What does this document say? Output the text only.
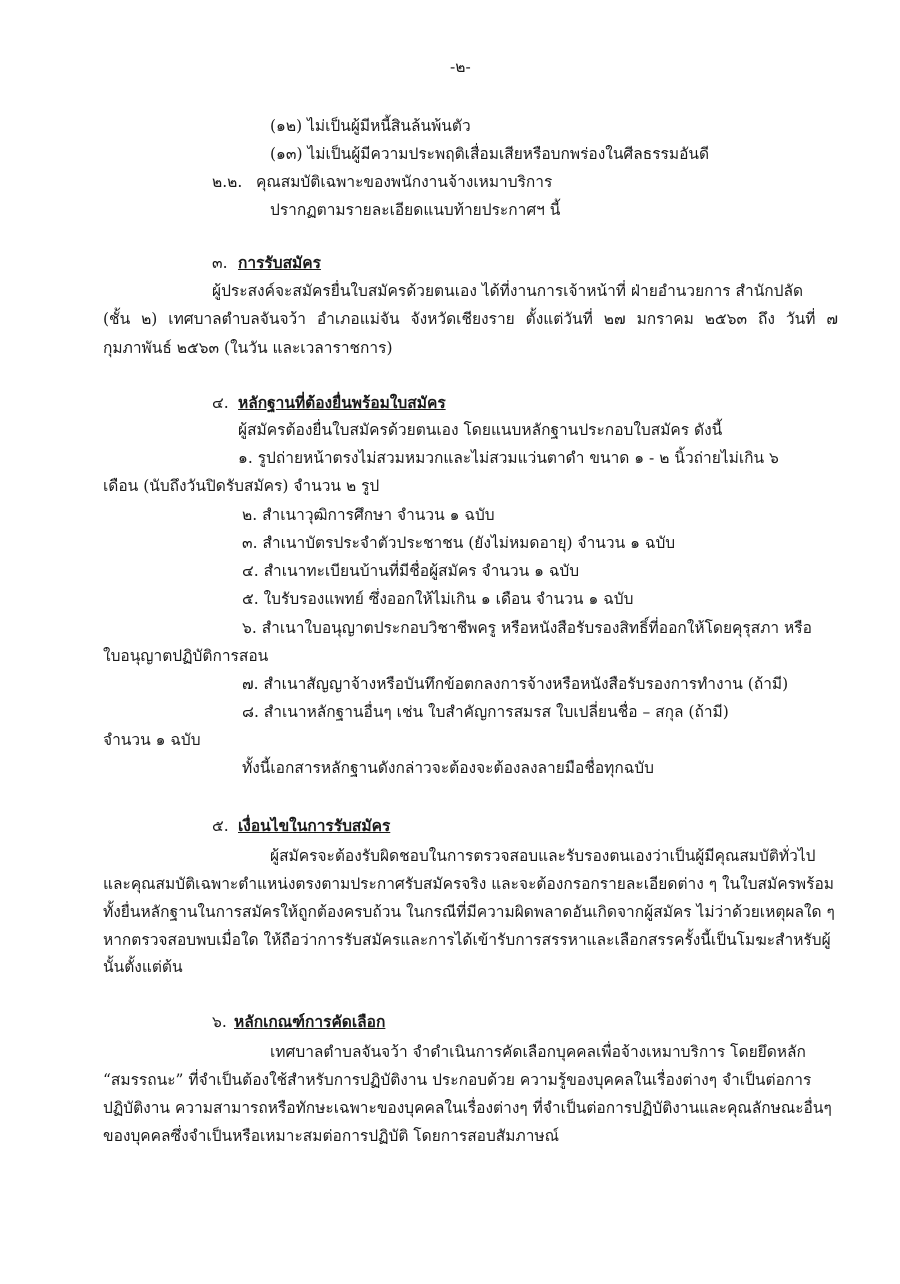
-๒-
(๑๒) ไม่เป็นผู้มีหนี้สินล้นพ้นตัว
(๑๓) ไม่เป็นผู้มีความประพฤติเสื่อมเสียหรือบกพร่องในศีลธรรมอันดี
๒.๒. คุณสมบัติเฉพาะของพนักงานจ้างเหมาบริการ
ปรากฏตามรายละเอียดแนบท้ายประกาศฯ นี้
๓. การรับสมัคร
ผู้ประสงค์จะสมัครยื่นใบสมัครด้วยตนเอง ได้ที่งานการเจ้าหน้าที่ ฝ่ายอำนวยการ สำนักปลัด
(ชั้น ๒) เทศบาลตำบลจันจว้า อำเภอแม่จัน จังหวัดเชียงราย ตั้งแต่วันที่ ๒๗ มกราคม ๒๕๖๓ ถึง วันที่ ๗
กุมภาพันธ์ ๒๕๖๓ (ในวัน และเวลาราชการ)
๔. หลักฐานที่ต้องยื่นพร้อมใบสมัคร
ผู้สมัครต้องยื่นใบสมัครด้วยตนเอง โดยแนบหลักฐานประกอบใบสมัคร ดังนี้
๑. รูปถ่ายหน้าตรงไม่สวมหมวกและไม่สวมแว่นตาดำ ขนาด ๑ - ๒ นิ้วถ่ายไม่เกิน ๖
เดือน (นับถึงวันปิดรับสมัคร) จำนวน ๒ รูป
๒. สำเนาวุฒิการศึกษา จำนวน ๑ ฉบับ
๓. สำเนาบัตรประจำตัวประชาชน (ยังไม่หมดอายุ) จำนวน ๑ ฉบับ
๔. สำเนาทะเบียนบ้านที่มีชื่อผู้สมัคร จำนวน ๑ ฉบับ
๕. ใบรับรองแพทย์ ซึ่งออกให้ไม่เกิน ๑ เดือน จำนวน ๑ ฉบับ
๖. สำเนาใบอนุญาตประกอบวิชาชีพครู หรือหนังสือรับรองสิทธิ์ที่ออกให้โดยคุรุสภา หรือ
ใบอนุญาตปฏิบัติการสอน
๗. สำเนาสัญญาจ้างหรือบันทึกข้อตกลงการจ้างหรือหนังสือรับรองการทำงาน (ถ้ามี)
๘. สำเนาหลักฐานอื่นๆ เช่น ใบสำคัญการสมรส ใบเปลี่ยนชื่อ – สกุล (ถ้ามี)
จำนวน ๑ ฉบับ
ทั้งนี้เอกสารหลักฐานดังกล่าวจะต้องจะต้องลงลายมือชื่อทุกฉบับ
๕. เงื่อนไขในการรับสมัคร
ผู้สมัครจะต้องรับผิดชอบในการตรวจสอบและรับรองตนเองว่าเป็นผู้มีคุณสมบัติทั่วไป
และคุณสมบัติเฉพาะตำแหน่งตรงตามประกาศรับสมัครจริง และจะต้องกรอกรายละเอียดต่าง ๆ ในใบสมัครพร้อม
ทั้งยื่นหลักฐานในการสมัครให้ถูกต้องครบถ้วน ในกรณีที่มีความผิดพลาดอันเกิดจากผู้สมัคร ไม่ว่าด้วยเหตุผลใด ๆ
หากตรวจสอบพบเมื่อใด ให้ถือว่าการรับสมัครและการได้เข้ารับการสรรหาและเลือกสรรครั้งนี้เป็นโมฆะสำหรับผู้
นั้นตั้งแต่ต้น
๖. หลักเกณฑ์การคัดเลือก
เทศบาลตำบลจันจว้า จำดำเนินการคัดเลือกบุคคลเพื่อจ้างเหมาบริการ โดยยึดหลัก
“สมรรถนะ” ที่จำเป็นต้องใช้สำหรับการปฏิบัติงาน ประกอบด้วย ความรู้ของบุคคลในเรื่องต่างๆ จำเป็นต่อการ
ปฏิบัติงาน ความสามารถหรือทักษะเฉพาะของบุคคลในเรื่องต่างๆ ที่จำเป็นต่อการปฏิบัติงานและคุณลักษณะอื่นๆ
ของบุคคลซึ่งจำเป็นหรือเหมาะสมต่อการปฏิบัติ โดยการสอบสัมภาษณ์
